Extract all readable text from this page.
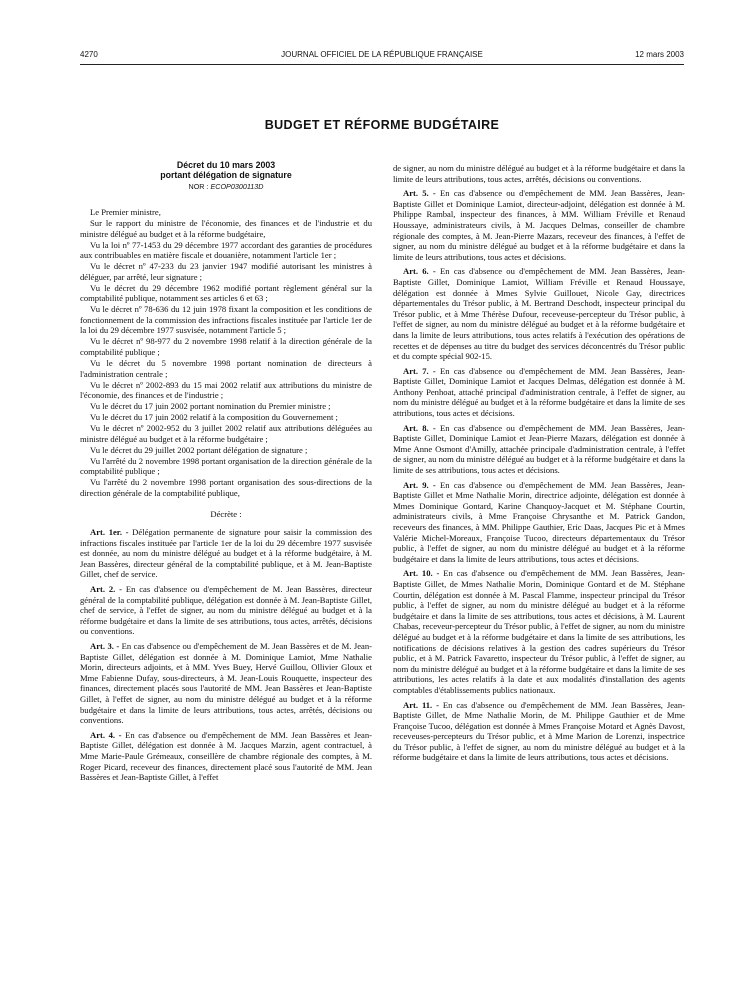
4270	JOURNAL OFFICIEL DE LA RÉPUBLIQUE FRANÇAISE	12 mars 2003
BUDGET ET RÉFORME BUDGÉTAIRE
Décret du 10 mars 2003
portant délégation de signature
NOR : ECOP0300113D

Le Premier ministre,

Sur le rapport du ministre de l'économie, des finances et de l'industrie et du ministre délégué au budget et à la réforme budgétaire,

Vu la loi nº 77-1453 du 29 décembre 1977 accordant des garanties de procédures aux contribuables en matière fiscale et douanière, notamment l'article 1er ;

Vu le décret nº 47-233 du 23 janvier 1947 modifié autorisant les ministres à déléguer, par arrêté, leur signature ;

Vu le décret du 29 décembre 1962 modifié portant règlement général sur la comptabilité publique, notamment ses articles 6 et 63 ;

Vu le décret nº 78-636 du 12 juin 1978 fixant la composition et les conditions de fonctionnement de la commission des infractions fiscales instituée par l'article 1er de la loi du 29 décembre 1977 susvisée, notamment l'article 5 ;

Vu le décret nº 98-977 du 2 novembre 1998 relatif à la direction générale de la comptabilité publique ;

Vu le décret du 5 novembre 1998 portant nomination de directeurs à l'administration centrale ;

Vu le décret nº 2002-893 du 15 mai 2002 relatif aux attributions du ministre de l'économie, des finances et de l'industrie ;

Vu le décret du 17 juin 2002 portant nomination du Premier ministre ;

Vu le décret du 17 juin 2002 relatif à la composition du Gouvernement ;

Vu le décret nº 2002-952 du 3 juillet 2002 relatif aux attributions déléguées au ministre délégué au budget et à la réforme budgétaire ;

Vu le décret du 29 juillet 2002 portant délégation de signature ;

Vu l'arrêté du 2 novembre 1998 portant organisation de la direction générale de la comptabilité publique ;

Vu l'arrêté du 2 novembre 1998 portant organisation des sous-directions de la direction générale de la comptabilité publique,

Décrète :

Art. 1er. - Délégation permanente de signature pour saisir la commission des infractions fiscales instituée par l'article 1er de la loi du 29 décembre 1977 susvisée est donnée, au nom du ministre délégué au budget et à la réforme budgétaire, à M. Jean Bassères, directeur général de la comptabilité publique, et à M. Jean-Baptiste Gillet, chef de service.

Art. 2. - En cas d'absence ou d'empêchement de M. Jean Bassères, directeur général de la comptabilité publique, délégation est donnée à M. Jean-Baptiste Gillet, chef de service, à l'effet de signer, au nom du ministre délégué au budget et à la réforme budgétaire et dans la limite de ses attributions, tous actes, arrêtés, décisions ou conventions.

Art. 3. - En cas d'absence ou d'empêchement de M. Jean Bassères et de M. Jean-Baptiste Gillet, délégation est donnée à M. Dominique Lamiot, Mme Nathalie Morin, directeurs adjoints, et à MM. Yves Buey, Hervé Guillou, Ollivier Gloux et Mme Fabienne Dufay, sous-directeurs, à M. Jean-Louis Rouquette, inspecteur des finances, directement placés sous l'autorité de MM. Jean Bassères et Jean-Baptiste Gillet, à l'effet de signer, au nom du ministre délégué au budget et à la réforme budgétaire et dans la limite de leurs attributions, tous actes, arrêtés, décisions ou conventions.

Art. 4. - En cas d'absence ou d'empêchement de MM. Jean Bassères et Jean-Baptiste Gillet, délégation est donnée à M. Jacques Marzin, agent contractuel, à Mme Marie-Paule Grémeaux, conseillère de chambre régionale des comptes, à M. Roger Picard, receveur des finances, directement placé sous l'autorité de MM. Jean Bassères et Jean-Baptiste Gillet, à l'effet

de signer, au nom du ministre délégué au budget et à la réforme budgétaire et dans la limite de leurs attributions, tous actes, arrêtés, décisions ou conventions.

Art. 5. - En cas d'absence ou d'empêchement de MM. Jean Bassères, Jean-Baptiste Gillet et Dominique Lamiot, directeur-adjoint, délégation est donnée à M. Philippe Rambal, inspecteur des finances, à MM. William Fréville et Renaud Houssaye, administrateurs civils, à M. Jacques Delmas, conseiller de chambre régionale des comptes, à M. Jean-Pierre Mazars, receveur des finances, à l'effet de signer, au nom du ministre délégué au budget et à la réforme budgétaire et dans la limite de leurs attributions, tous actes et décisions.

Art. 6. - En cas d'absence ou d'empêchement de MM. Jean Bassères, Jean-Baptiste Gillet, Dominique Lamiot, William Fréville et Renaud Houssaye, délégation est donnée à Mmes Sylvie Guillouet, Nicole Gay, directrices départementales du Trésor public, à M. Bertrand Deschodt, inspecteur principal du Trésor public, et à Mme Thérèse Dufour, receveuse-percepteur du Trésor public, à l'effet de signer, au nom du ministre délégué au budget et à la réforme budgétaire et dans la limite de leurs attributions, tous actes relatifs à l'exécution des opérations de recettes et de dépenses au titre du budget des services déconcentrés du Trésor public et du compte spécial 902-15.

Art. 7. - En cas d'absence ou d'empêchement de MM. Jean Bassères, Jean-Baptiste Gillet, Dominique Lamiot et Jacques Delmas, délégation est donnée à M. Anthony Penhoat, attaché principal d'administration centrale, à l'effet de signer, au nom du ministre délégué au budget et à la réforme budgétaire et dans la limite de ses attributions, tous actes et décisions.

Art. 8. - En cas d'absence ou d'empêchement de MM. Jean Bassères, Jean-Baptiste Gillet, Dominique Lamiot et Jean-Pierre Mazars, délégation est donnée à Mme Anne Osmont d'Amilly, attachée principale d'administration centrale, à l'effet de signer, au nom du ministre délégué au budget et à la réforme budgétaire et dans la limite de ses attributions, tous actes et décisions.

Art. 9. - En cas d'absence ou d'empêchement de MM. Jean Bassères, Jean-Baptiste Gillet et Mme Nathalie Morin, directrice adjointe, délégation est donnée à Mmes Dominique Gontard, Karine Chanquoy-Jacquet et M. Stéphane Courtin, administrateurs civils, à Mme Françoise Chrysanthe et M. Patrick Gandon, receveurs des finances, à MM. Philippe Gauthier, Eric Daas, Jacques Pic et à Mmes Valérie Michel-Moreaux, Françoise Tucoo, directeurs départementaux du Trésor public, à l'effet de signer, au nom du ministre délégué au budget et à la réforme budgétaire et dans la limite de leurs attributions, tous actes et décisions.

Art. 10. - En cas d'absence ou d'empêchement de MM. Jean Bassères, Jean-Baptiste Gillet, de Mmes Nathalie Morin, Dominique Gontard et de M. Stéphane Courtin, délégation est donnée à M. Pascal Flamme, inspecteur principal du Trésor public, à l'effet de signer, au nom du ministre délégué au budget et à la réforme budgétaire et dans la limite de ses attributions, tous actes et décisions, à M. Laurent Chabas, receveur-percepteur du Trésor public, à l'effet de signer, au nom du ministre délégué au budget et à la réforme budgétaire et dans la limite de ses attributions, les notifications de décisions relatives à la gestion des cadres supérieurs du Trésor public, et à M. Patrick Favaretto, inspecteur du Trésor public, à l'effet de signer, au nom du ministre délégué au budget et à la réforme budgétaire et dans la limite de ses attributions, les actes relatifs à la date et aux modalités d'installation des agents comptables d'établissements publics nationaux.

Art. 11. - En cas d'absence ou d'empêchement de MM. Jean Bassères, Jean-Baptiste Gillet, de Mme Nathalie Morin, de M. Philippe Gauthier et de Mme Françoise Tucoo, délégation est donnée à Mmes Françoise Motard et Agnès Davost, receveuses-percepteurs du Trésor public, et à Mme Marion de Lorenzi, inspectrice du Trésor public, à l'effet de signer, au nom du ministre délégué au budget et à la réforme budgétaire et dans la limite de leurs attributions, tous actes et décisions.
